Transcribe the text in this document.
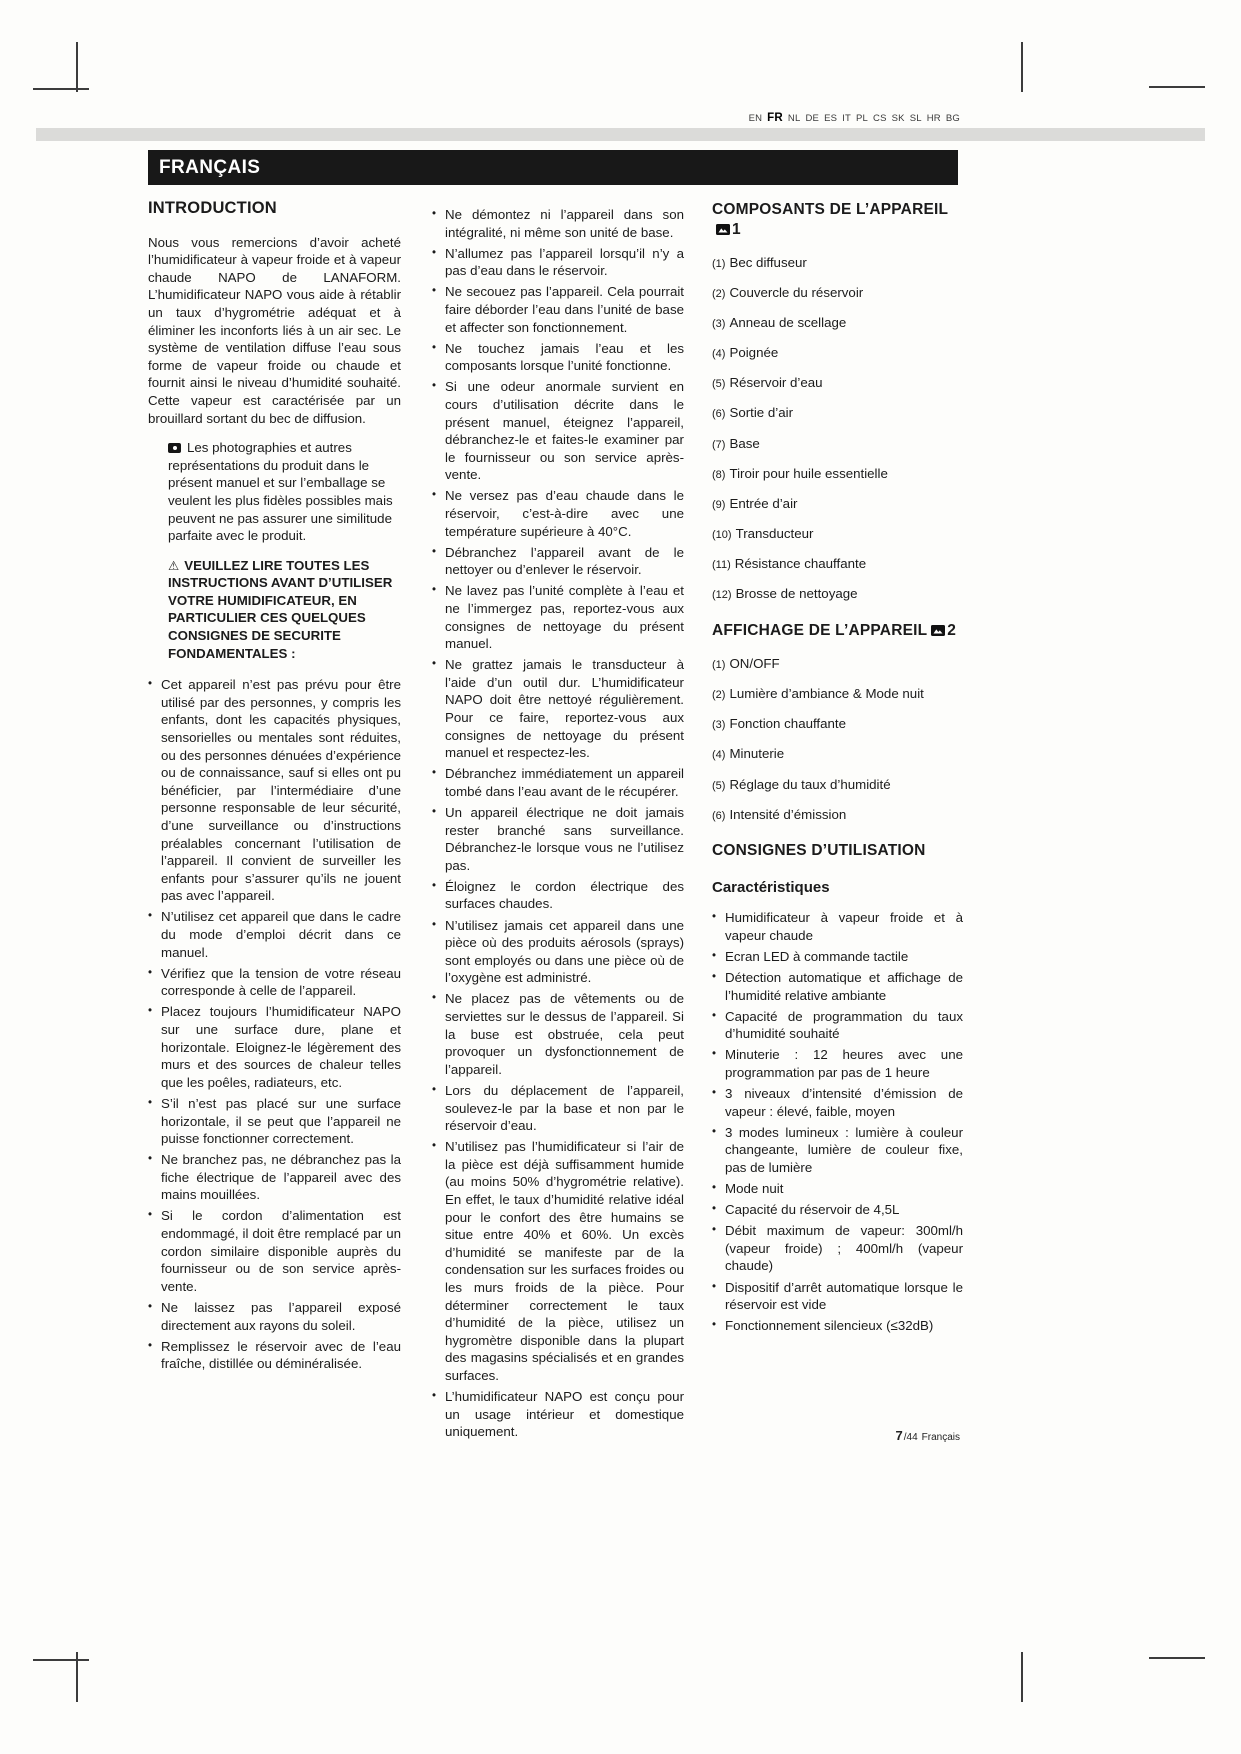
EN FR NL DE ES IT PL CS SK SL HR BG
FRANÇAIS
INTRODUCTION

Nous vous remercions d’avoir acheté l’humidificateur à vapeur froide et à vapeur chaude NAPO de LANAFORM. L’humidificateur NAPO vous aide à rétablir un taux d’hygrométrie adéquat et à éliminer les inconforts liés à un air sec. Le système de ventilation diffuse l’eau sous forme de vapeur froide ou chaude et fournit ainsi le niveau d’humidité souhaité. Cette vapeur est caractérisée par un brouillard sortant du bec de diffusion.

Les photographies et autres représentations du produit dans le présent manuel et sur l’emballage se veulent les plus fidèles possibles mais peuvent ne pas assurer une similitude parfaite avec le produit.
⚠ VEUILLEZ LIRE TOUTES LES INSTRUCTIONS AVANT D’UTILISER VOTRE HUMIDIFICATEUR, EN PARTICULIER CES QUELQUES CONSIGNES DE SECURITE FONDAMENTALES :
• Cet appareil n’est pas prévu pour être utilisé par des personnes, y compris les enfants, dont les capacités physiques, sensorielles ou mentales sont réduites, ou des personnes dénuées d’expérience ou de connaissance, sauf si elles ont pu bénéficier, par l’intermédiaire d’une personne responsable de leur sécurité, d’une surveillance ou d’instructions préalables concernant l’utilisation de l’appareil. Il convient de surveiller les enfants pour s’assurer qu’ils ne jouent pas avec l’appareil.
• N’utilisez cet appareil que dans le cadre du mode d’emploi décrit dans ce manuel.
• Vérifiez que la tension de votre réseau corresponde à celle de l’appareil.
• Placez toujours l’humidificateur NAPO sur une surface dure, plane et horizontale. Eloignez-le légèrement des murs et des sources de chaleur telles que les poêles, radiateurs, etc.
• S’il n’est pas placé sur une surface horizontale, il se peut que l’appareil ne puisse fonctionner correctement.
• Ne branchez pas, ne débranchez pas la fiche électrique de l’appareil avec des mains mouillées.
• Si le cordon d’alimentation est endommagé, il doit être remplacé par un cordon similaire disponible auprès du fournisseur ou de son service après-vente.
• Ne laissez pas l’appareil exposé directement aux rayons du soleil.
• Remplissez le réservoir avec de l’eau fraîche, distillée ou déminéralisée.
• Ne démontez ni l’appareil dans son intégralité, ni même son unité de base.
• N’allumez pas l’appareil lorsqu’il n’y a pas d’eau dans le réservoir.
• Ne secouez pas l’appareil. Cela pourrait faire déborder l’eau dans l’unité de base et affecter son fonctionnement.
• Ne touchez jamais l’eau et les composants lorsque l’unité fonctionne.
• Si une odeur anormale survient en cours d’utilisation décrite dans le présent manuel, éteignez l’appareil, débranchez-le et faites-le examiner par le fournisseur ou son service après-vente.
• Ne versez pas d’eau chaude dans le réservoir, c’est-à-dire avec une température supérieure à 40°C.
• Débranchez l’appareil avant de le nettoyer ou d’enlever le réservoir.
• Ne lavez pas l’unité complète à l’eau et ne l’immergez pas, reportez-vous aux consignes de nettoyage du présent manuel.
• Ne grattez jamais le transducteur à l’aide d’un outil dur. L’humidificateur NAPO doit être nettoyé régulièrement. Pour ce faire, reportez-vous aux consignes de nettoyage du présent manuel et respectez-les.
• Débranchez immédiatement un appareil tombé dans l’eau avant de le récupérer.
• Un appareil électrique ne doit jamais rester branché sans surveillance. Débranchez-le lorsque vous ne l’utilisez pas.
• Éloignez le cordon électrique des surfaces chaudes.
• N’utilisez jamais cet appareil dans une pièce où des produits aérosols (sprays) sont employés ou dans une pièce où de l’oxygène est administré.
• Ne placez pas de vêtements ou de serviettes sur le dessus de l’appareil. Si la buse est obstruée, cela peut provoquer un dysfonctionnement de l’appareil.
• Lors du déplacement de l’appareil, soulevez-le par la base et non par le réservoir d’eau.
• N’utilisez pas l’humidificateur si l’air de la pièce est déjà suffisamment humide (au moins 50% d’hygrométrie relative). En effet, le taux d’humidité relative idéal pour le confort des être humains se situe entre 40% et 60%. Un excès d’humidité se manifeste par de la condensation sur les surfaces froides ou les murs froids de la pièce. Pour déterminer correctement le taux d’humidité de la pièce, utilisez un hygromètre disponible dans la plupart des magasins spécialisés et en grandes surfaces.
• L’humidificateur NAPO est conçu pour un usage intérieur et domestique uniquement.
COMPOSANTS DE L’APPAREIL1
(1) Bec diffuseur
(2) Couvercle du réservoir
(3) Anneau de scellage
(4) Poignée
(5) Réservoir d’eau
(6) Sortie d’air
(7) Base
(8) Tiroir pour huile essentielle
(9) Entrée d’air
(10) Transducteur
(11) Résistance chauffante
(12) Brosse de nettoyage
AFFICHAGE DE L’APPAREIL 2
(1) ON/OFF
(2) Lumière d’ambiance & Mode nuit
(3) Fonction chauffante
(4) Minuterie
(5) Réglage du taux d’humidité
(6) Intensité d’émission
CONSIGNES D’UTILISATION
Caractéristiques
• Humidificateur à vapeur froide et à vapeur chaude
• Ecran LED à commande tactile
• Détection automatique et affichage de l’humidité relative ambiante
• Capacité de programmation du taux d’humidité souhaité
• Minuterie : 12 heures avec une programmation par pas de 1 heure
• 3 niveaux d’intensité d’émission de vapeur : élevé, faible, moyen
• 3 modes lumineux : lumière à couleur changeante, lumière de couleur fixe, pas de lumière
• Mode nuit
• Capacité du réservoir de 4,5L
• Débit maximum de vapeur: 300ml/h (vapeur froide) ; 400ml/h (vapeur chaude)
• Dispositif d’arrêt automatique lorsque le réservoir est vide
• Fonctionnement silencieux (≤32dB)
7/44 Français
